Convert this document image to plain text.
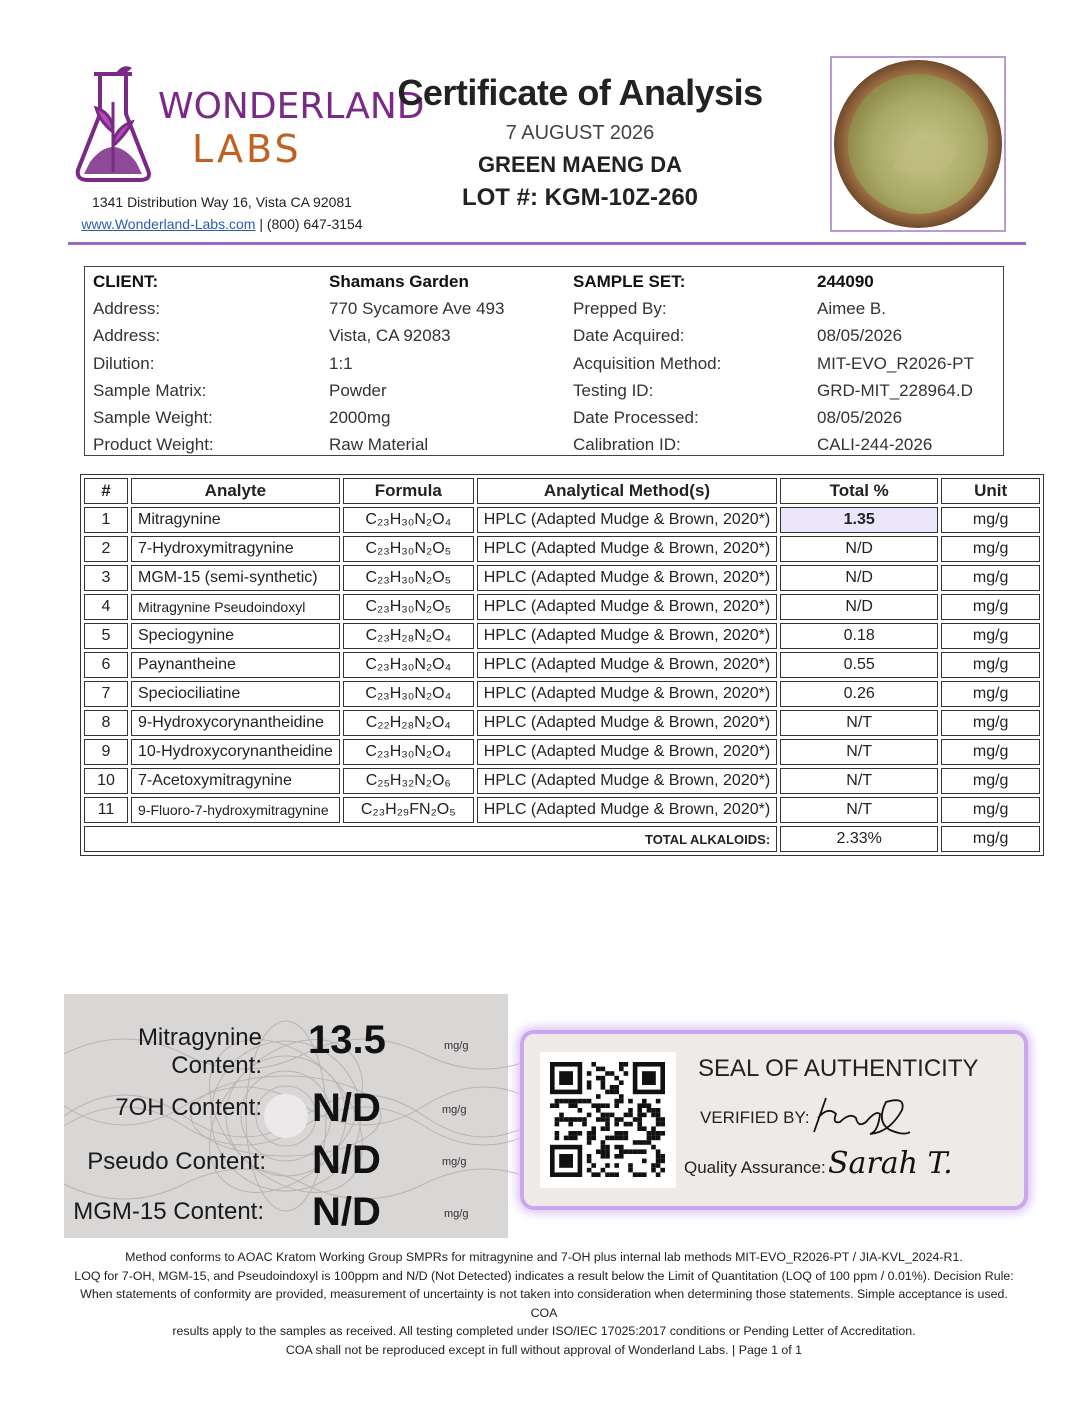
WONDERLAND
LABS
1341 Distribution Way 16, Vista CA 92081
www.Wonderland-Labs.com | (800) 647-3154
Certificate of Analysis
7 AUGUST 2026
GREEN MAENG DA
LOT #: KGM-10Z-260
CLIENT:	Shamans Garden	SAMPLE SET:	244090
Address:	770 Sycamore Ave 493	Prepped By:	Aimee B.
Address:	Vista, CA 92083	Date Acquired:	08/05/2026
Dilution:	1:1	Acquisition Method:	MIT-EVO_R2026-PT
Sample Matrix:	Powder	Testing ID:	GRD-MIT_228964.D
Sample Weight:	2000mg	Date Processed:	08/05/2026
Product Weight:	Raw Material	Calibration ID:	CALI-244-2026
#	Analyte	Formula	Analytical Method(s)	Total %	Unit
1	Mitragynine	C₂₃H₃₀N₂O₄	HPLC (Adapted Mudge & Brown, 2020*)	1.35	mg/g
2	7-Hydroxymitragynine	C₂₃H₃₀N₂O₅	HPLC (Adapted Mudge & Brown, 2020*)	N/D	mg/g
3	MGM-15 (semi-synthetic)	C₂₃H₃₀N₂O₅	HPLC (Adapted Mudge & Brown, 2020*)	N/D	mg/g
4	Mitragynine Pseudoindoxyl	C₂₃H₃₀N₂O₅	HPLC (Adapted Mudge & Brown, 2020*)	N/D	mg/g
5	Speciogynine	C₂₃H₂₈N₂O₄	HPLC (Adapted Mudge & Brown, 2020*)	0.18	mg/g
6	Paynantheine	C₂₃H₃₀N₂O₄	HPLC (Adapted Mudge & Brown, 2020*)	0.55	mg/g
7	Speciociliatine	C₂₃H₃₀N₂O₄	HPLC (Adapted Mudge & Brown, 2020*)	0.26	mg/g
8	9-Hydroxycorynantheidine	C₂₂H₂₈N₂O₄	HPLC (Adapted Mudge & Brown, 2020*)	N/T	mg/g
9	10-Hydroxycorynantheidine	C₂₃H₃₀N₂O₄	HPLC (Adapted Mudge & Brown, 2020*)	N/T	mg/g
10	7-Acetoxymitragynine	C₂₅H₃₂N₂O₆	HPLC (Adapted Mudge & Brown, 2020*)	N/T	mg/g
11	9-Fluoro-7-hydroxymitragynine	C₂₃H₂₉FN₂O₅	HPLC (Adapted Mudge & Brown, 2020*)	N/T	mg/g
TOTAL ALKALOIDS:				2.33%	mg/g
Mitragynine Content:
13.5	mg/g
7OH Content: N/D	mg/g
Pseudo Content: N/D	mg/g
MGM-15 Content: N/D	mg/g
SEAL OF AUTHENTICITY
VERIFIED BY:
Quality Assurance: Sarah T.
Method conforms to AOAC Kratom Working Group SMPRs for mitragynine and 7-OH plus internal lab methods MIT-EVO_R2026-PT / JIA-KVL_2024-R1.
LOQ for 7-OH, MGM-15, and Pseudoindoxyl is 100ppm and N/D (Not Detected) indicates a result below the Limit of Quantitation (LOQ of 100 ppm / 0.01%). Decision Rule:
When statements of conformity are provided, measurement of uncertainty is not taken into consideration when determining those statements. Simple acceptance is used. COA
results apply to the samples as received. All testing completed under ISO/IEC 17025:2017 conditions or Pending Letter of Accreditation.
COA shall not be reproduced except in full without approval of Wonderland Labs. | Page 1 of 1
